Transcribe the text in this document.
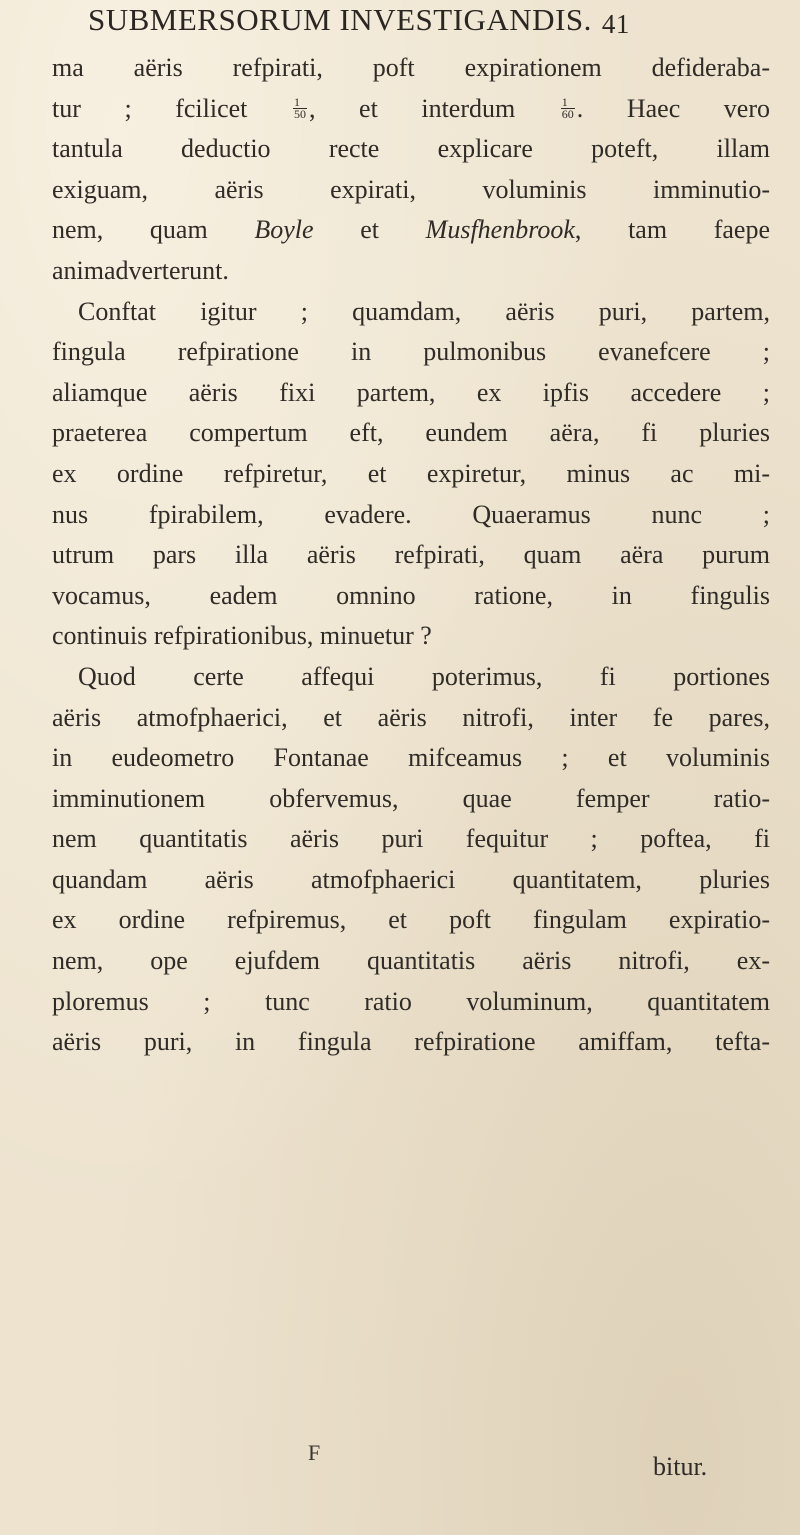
SUBMERSORUM INVESTIGANDIS. 41
ma aëris refpirati, poft expirationem defideraba-
tur ; fcilicet $\frac{1}{50}$ , et interdum $\frac{1}{60}$ . Haec vero
tantula deductio recte explicare poteft, illam
exiguam, aëris expirati, voluminis imminutio-
nem, quam Boyle et Musfhenbrook, tam faepe
animadverterunt.
Conftat igitur ; quamdam, aëris puri, partem,
fingula refpiratione in pulmonibus evanefcere ;
aliamque aëris fixi partem, ex ipfis accedere ;
praeterea compertum eft, eundem aëra, fi pluries
ex ordine refpiretur, et expiretur, minus ac mi-
nus fpirabilem, evadere. Quaeramus nunc ;
utrum pars illa aëris refpirati, quam aëra purum
vocamus, eadem omnino ratione, in fingulis
continuis refpirationibus, minuetur ?
Quod certe affequi poterimus, fi portiones
aëris atmofphaerici, et aëris nitrofi, inter fe pares,
in eudeometro Fontanae mifceamus ; et voluminis
imminutionem obfervemus, quae femper ratio-
nem quantitatis aëris puri fequitur ; poftea, fi
quandam aëris atmofphaerici quantitatem, pluries
ex ordine refpiremus, et poft fingulam expiratio-
nem, ope ejufdem quantitatis aëris nitrofi, ex-
ploremus ; tunc ratio voluminum, quantitatem
aëris puri, in fingula refpiratione amiffam, tefta-
F	bitur.
